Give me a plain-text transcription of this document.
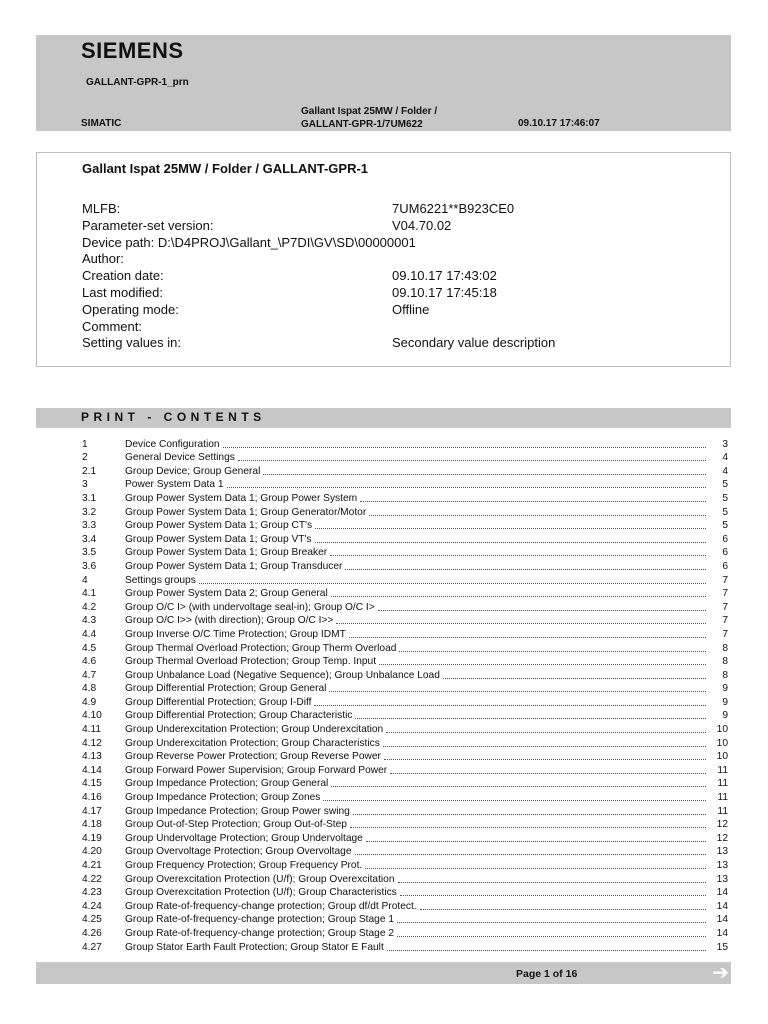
SIEMENS
GALLANT-GPR-1_prn
SIMATIC
Gallant Ispat 25MW / Folder /
GALLANT-GPR-1/7UM622	09.10.17 17:46:07
Gallant Ispat 25MW / Folder / GALLANT-GPR-1
MLFB:	7UM6221**B923CE0
Parameter-set version:	V04.70.02
Device path: D:\D4PROJ\Gallant_\P7DI\GV\SD\00000001
Author:
Creation date:	09.10.17 17:43:02
Last modified:	09.10.17 17:45:18
Operating mode:	Offline
Comment:
Setting values in:	Secondary value description
PRINT - CONTENTS
1	Device Configuration	3
2	General Device Settings	4
2.1	Group Device; Group General	4
3	Power System Data 1	5
3.1	Group Power System Data 1; Group Power System	5
3.2	Group Power System Data 1; Group Generator/Motor	5
3.3	Group Power System Data 1; Group CT's	5
3.4	Group Power System Data 1; Group VT's	6
3.5	Group Power System Data 1; Group Breaker	6
3.6	Group Power System Data 1; Group Transducer	6
4	Settings groups	7
4.1	Group Power System Data 2; Group General	7
4.2	Group O/C I> (with undervoltage seal-in); Group O/C I>	7
4.3	Group O/C I>> (with direction); Group O/C I>>	7
4.4	Group Inverse O/C Time Protection; Group IDMT	7
4.5	Group Thermal Overload Protection; Group Therm Overload	8
4.6	Group Thermal Overload Protection; Group Temp. Input	8
4.7	Group Unbalance Load (Negative Sequence); Group Unbalance Load	8
4.8	Group Differential Protection; Group General	9
4.9	Group Differential Protection; Group I-Diff	9
4.10	Group Differential Protection; Group Characteristic	9
4.11	Group Underexcitation Protection; Group Underexcitation	10
4.12	Group Underexcitation Protection; Group Characteristics	10
4.13	Group Reverse Power Protection; Group Reverse Power	10
4.14	Group Forward Power Supervision; Group Forward Power	11
4.15	Group Impedance Protection; Group General	11
4.16	Group Impedance Protection; Group Zones	11
4.17	Group Impedance Protection; Group Power swing	11
4.18	Group Out-of-Step Protection; Group Out-of-Step	12
4.19	Group Undervoltage Protection; Group Undervoltage	12
4.20	Group Overvoltage Protection; Group Overvoltage	13
4.21	Group Frequency Protection; Group Frequency Prot.	13
4.22	Group Overexcitation Protection (U/f); Group Overexcitation	13
4.23	Group Overexcitation Protection (U/f); Group Characteristics	14
4.24	Group Rate-of-frequency-change protection; Group df/dt Protect.	14
4.25	Group Rate-of-frequency-change protection; Group Stage 1	14
4.26	Group Rate-of-frequency-change protection; Group Stage 2	14
4.27	Group Stator Earth Fault Protection; Group Stator E Fault	15
Page 1 of 16	➔
